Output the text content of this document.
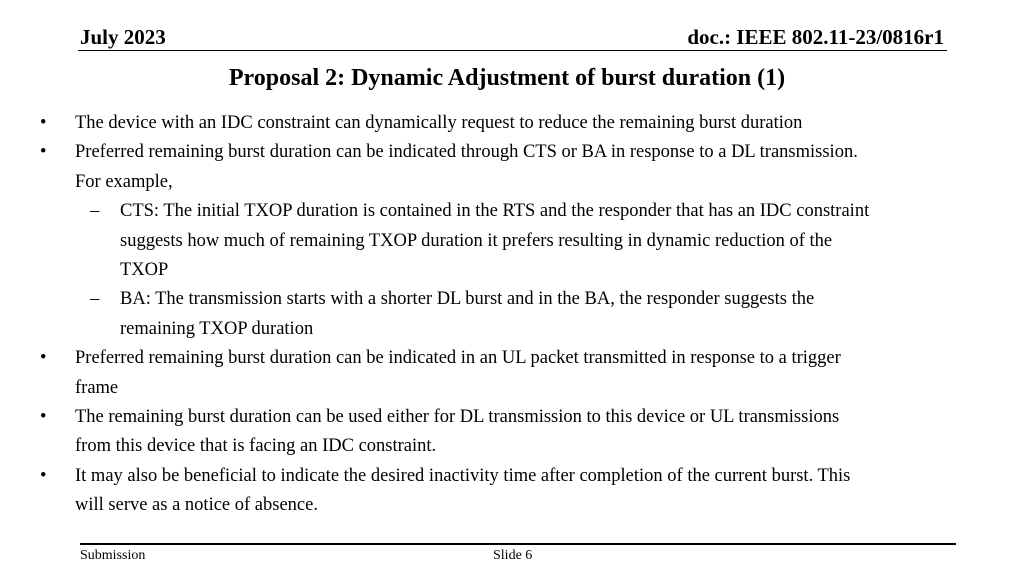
July 2023	doc.: IEEE 802.11-23/0816r1
Proposal 2: Dynamic Adjustment of burst duration (1)
• The device with an IDC constraint can dynamically request to reduce the remaining burst duration
• Preferred remaining burst duration can be indicated through CTS or BA in response to a DL transmission.
For example,
– CTS: The initial TXOP duration is contained in the RTS and the responder that has an IDC constraint
suggests how much of remaining TXOP duration it prefers resulting in dynamic reduction of the
TXOP
– BA: The transmission starts with a shorter DL burst and in the BA, the responder suggests the
remaining TXOP duration
• Preferred remaining burst duration can be indicated in an UL packet transmitted in response to a trigger
frame
• The remaining burst duration can be used either for DL transmission to this device or UL transmissions
from this device that is facing an IDC constraint.
• It may also be beneficial to indicate the desired inactivity time after completion of the current burst. This
will serve as a notice of absence.
Submission	Slide 6
